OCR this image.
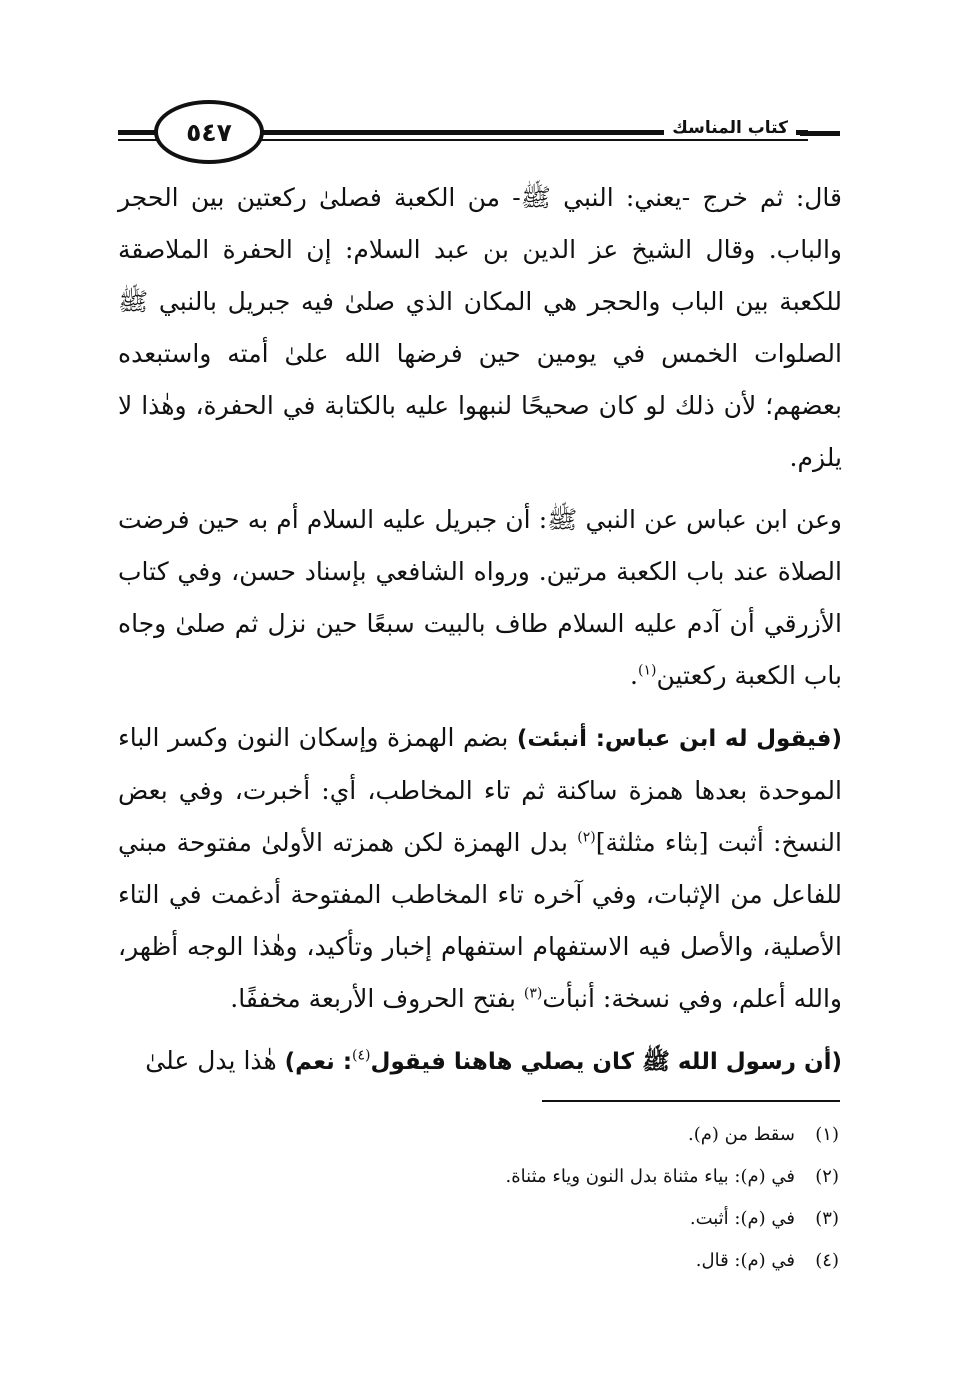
٥٤٧	كتاب المناسك

قال: ثم خرج -يعني: النبي ﷺ- من الكعبة فصلىٰ ركعتين بين الحجر والباب. وقال الشيخ عز الدين بن عبد السلام: إن الحفرة الملاصقة للكعبة بين الباب والحجر هي المكان الذي صلىٰ فيه جبريل بالنبي ﷺ الصلوات الخمس في يومين حين فرضها الله علىٰ أمته واستبعده بعضهم؛ لأن ذلك لو كان صحيحًا لنبهوا عليه بالكتابة في الحفرة، وهٰذا لا يلزم.

وعن ابن عباس عن النبي ﷺ: أن جبريل عليه السلام أم به حين فرضت الصلاة عند باب الكعبة مرتين. ورواه الشافعي بإسناد حسن، وفي كتاب الأزرقي أن آدم عليه السلام طاف بالبيت سبعًا حين نزل ثم صلىٰ وجاه باب الكعبة ركعتين$^{(١)}$.

(فيقول له ابن عباس: أنبئت) بضم الهمزة وإسكان النون وكسر الباء الموحدة بعدها همزة ساكنة ثم تاء المخاطب، أي: أخبرت، وفي بعض النسخ: أثبت [بثاء مثلثة]$^{(٢)}$ بدل الهمزة لكن همزته الأولىٰ مفتوحة مبني للفاعل من الإثبات، وفي آخره تاء المخاطب المفتوحة أدغمت في التاء الأصلية، والأصل فيه الاستفهام استفهام إخبار وتأكيد، وهٰذا الوجه أظهر، والله أعلم، وفي نسخة: أنبأت$^{(٣)}$ بفتح الحروف الأربعة مخففًا.

(أن رسول الله ﷺ كان يصلي هاهنا فيقول$^{(٤)}$: نعم) هٰذا يدل علىٰ

(١)
سقط من (م).
(٢)
في (م): بياء مثناة بدل النون وياء مثناة.
(٣)
في (م): أثبت.
(٤)
في (م): قال.
